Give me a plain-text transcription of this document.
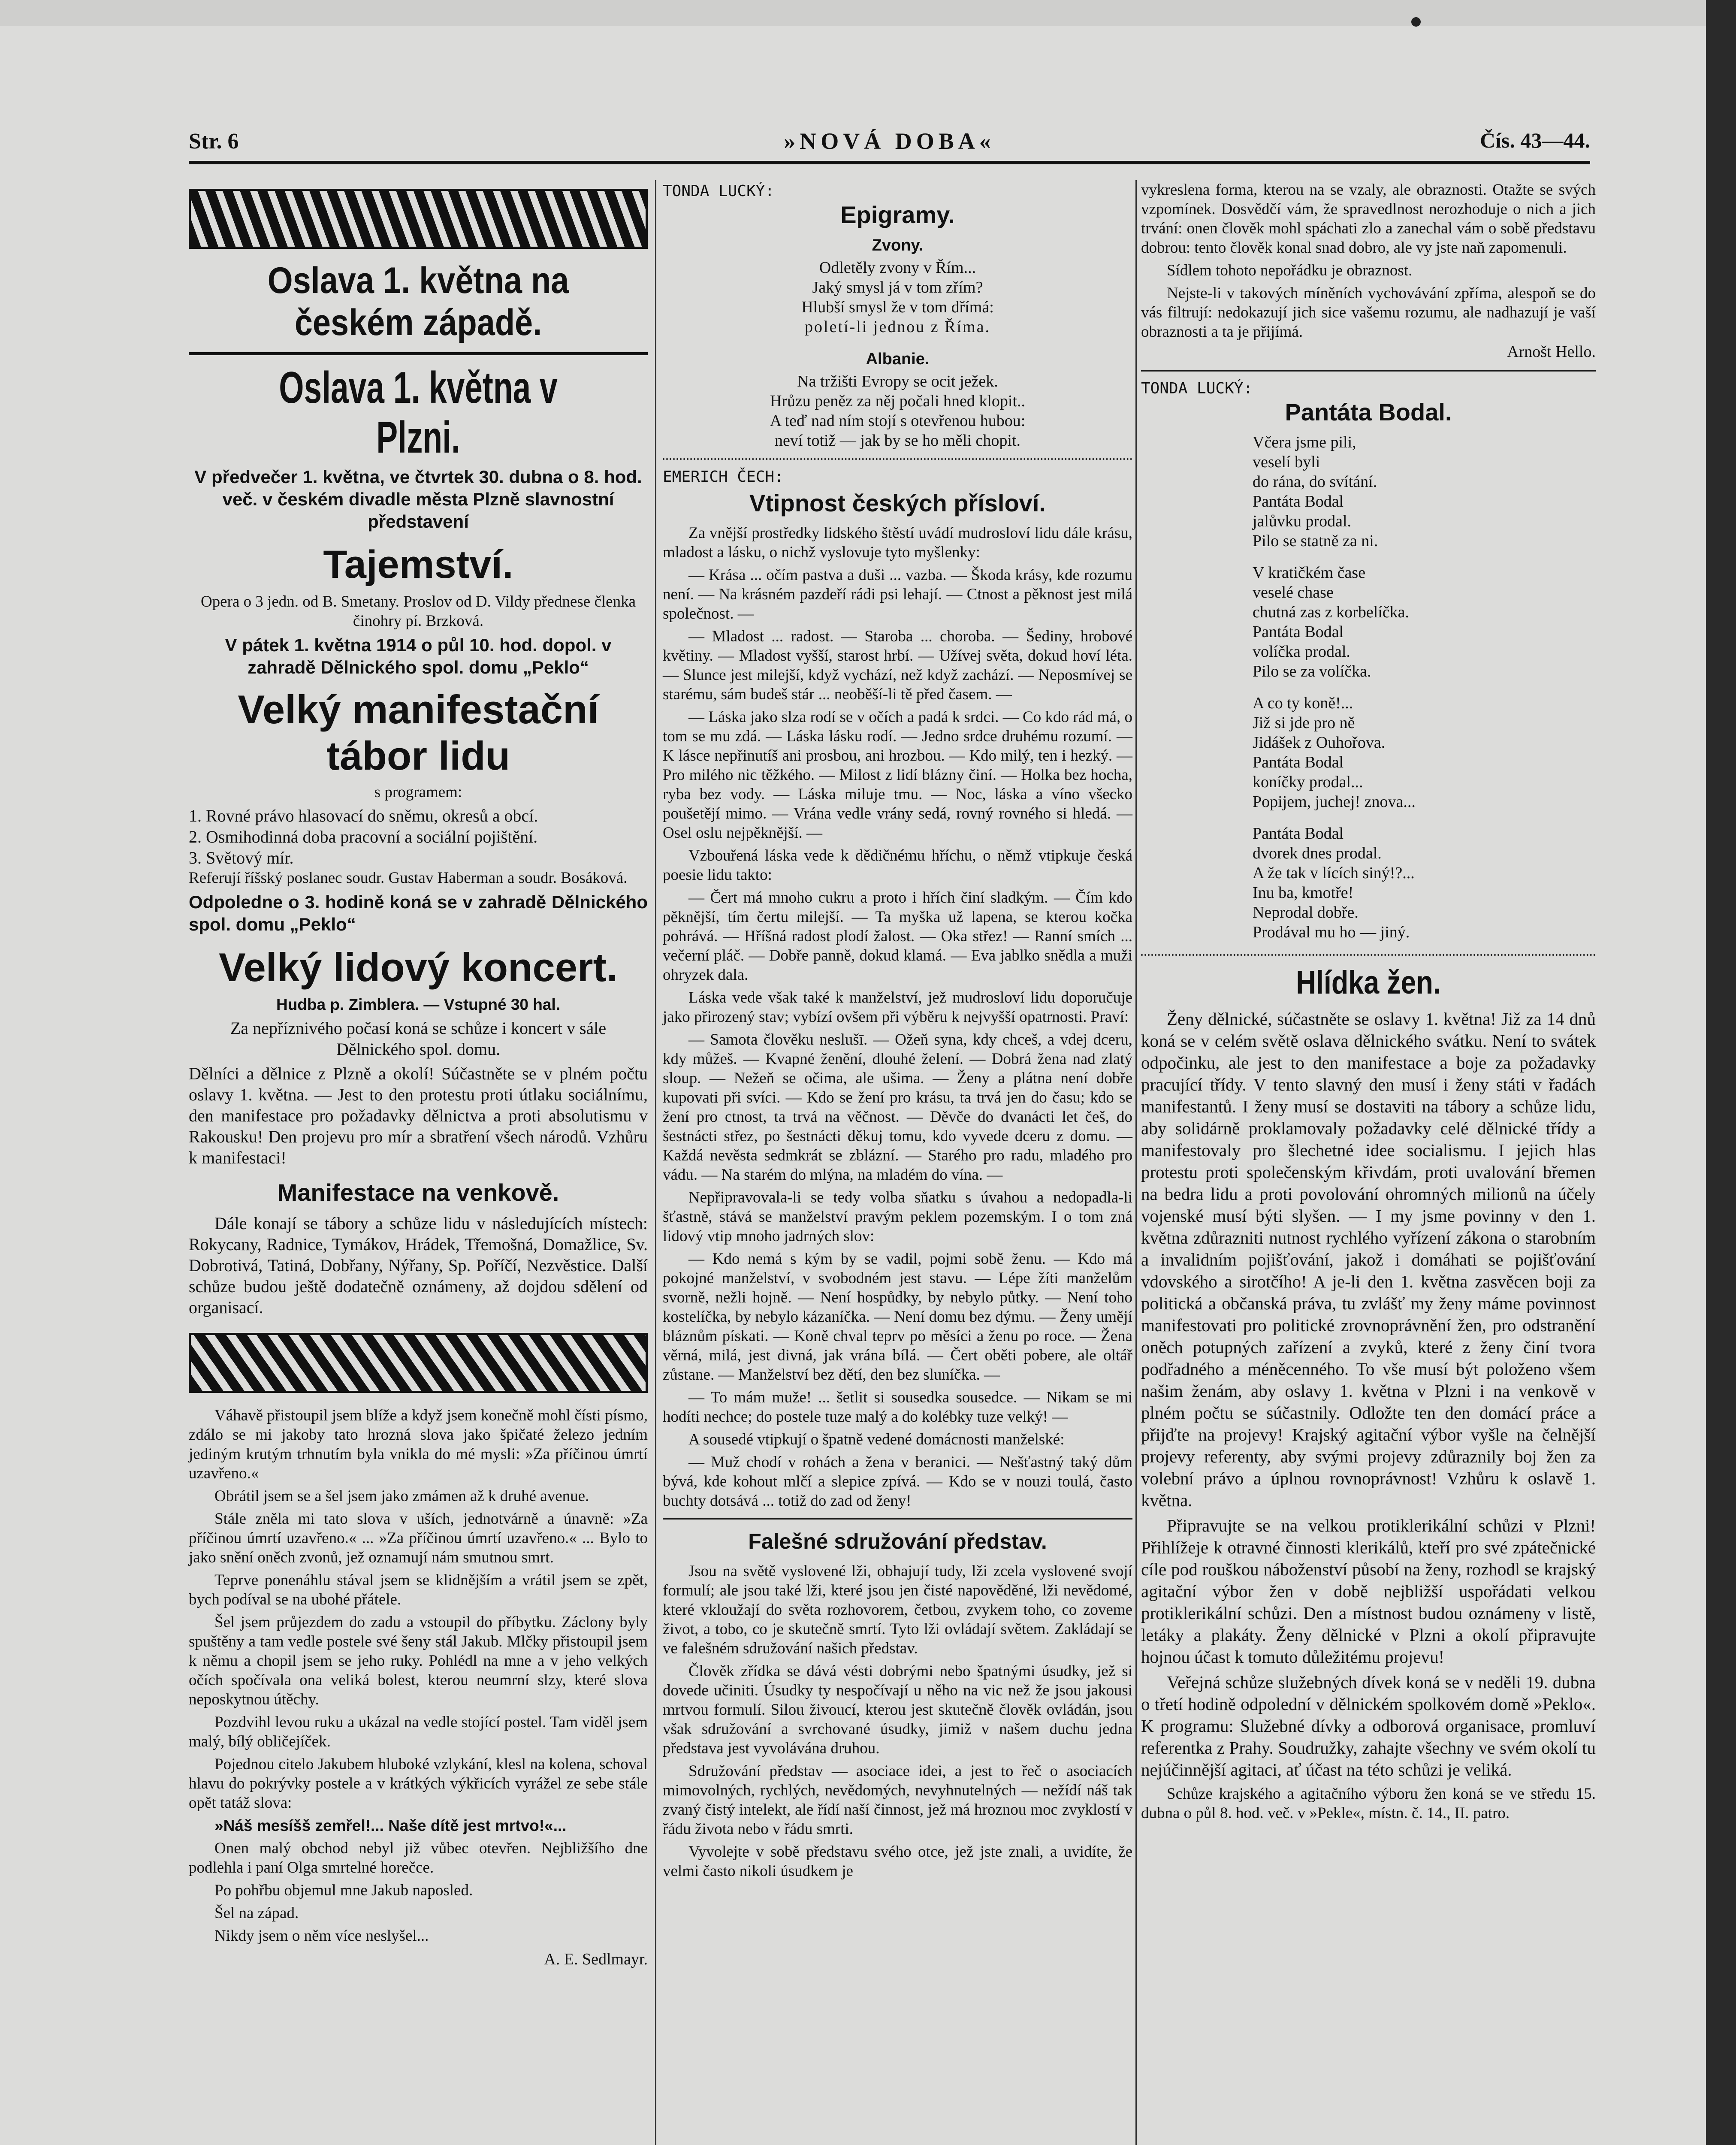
Str. 6	»NOVÁ DOBA«	Čís. 43—44.
Oslava 1. května na českém západě.
Oslava 1. května v Plzni.

V předvečer 1. května, ve čtvrtek 30. dubna o 8. hod. več. v českém divadle města Plzně slavnostní představení

Tajemství.

Opera o 3 jedn. od B. Smetany. Proslov od D. Vildy přednese členka činohry pí. Brzková.

V pátek 1. května 1914 o půl 10. hod. dopol. v zahradě Dělnického spol. domu „Peklo“

Velký manifestační tábor lidu

s programem:

1. Rovné právo hlasovací do sněmu, okresů a obcí.

2. Osmihodinná doba pracovní a sociální pojištění.

3. Světový mír.

Referují říšský poslanec soudr. Gustav Haberman a soudr. Bosáková.

Odpoledne o 3. hodině koná se v zahradě Dělnického spol. domu „Peklo“

Velký lidový koncert.

Hudba p. Zimblera. — Vstupné 30 hal.

Za nepříznivého počasí koná se schůze i koncert v sále Dělnického spol. domu.

Dělníci a dělnice z Plzně a okolí! Súčastněte se v plném počtu oslavy 1. května. — Jest to den protestu proti útlaku sociálnímu, den manifestace pro požadavky dělnictva a proti absolutismu v Rakousku! Den projevu pro mír a sbratření všech národů. Vzhůru k manifestaci!

Manifestace na venkově.

Dále konají se tábory a schůze lidu v následujících místech: Rokycany, Radnice, Tymákov, Hrádek, Třemošná, Domažlice, Sv. Dobrotivá, Tatiná, Dobřany, Nýřany, Sp. Poříčí, Nezvěstice. Další schůze budou ještě dodatečně oznámeny, až dojdou sdělení od organisací.

Váhavě přistoupil jsem blíže a když jsem konečně mohl čísti písmo, zdálo se mi jakoby tato hrozná slova jako špičaté železo jedním jediným krutým trhnutím byla vnikla do mé mysli: »Za příčinou úmrtí uzavřeno.«

Obrátil jsem se a šel jsem jako zmámen až k druhé avenue.

Stále zněla mi tato slova v uších, jednotvárně a únavně: »Za příčinou úmrtí uzavřeno.« ... »Za příčinou úmrtí uzavřeno.« ... Bylo to jako snění oněch zvonů, jež oznamují nám smutnou smrt.

Teprve ponenáhlu stával jsem se klidnějším a vrátil jsem se zpět, bych podíval se na ubohé přátele.

Šel jsem průjezdem do zadu a vstoupil do příbytku. Záclony byly spuštěny a tam vedle postele své šeny stál Jakub. Mlčky přistoupil jsem k němu a chopil jsem se jeho ruky. Pohlédl na mne a v jeho velkých očích spočívala ona veliká bolest, kterou neumrní slzy, které slova neposkytnou útěchy.

Pozdvihl levou ruku a ukázal na vedle stojící postel. Tam viděl jsem malý, bílý obličejíček.

Pojednou citelo Jakubem hluboké vzlykání, klesl na kolena, schoval hlavu do pokrývky postele a v krátkých výkřicích vyrážel ze sebe stále opět tatáž slova:

»Náš mesíšš zemřel!... Naše dítě jest mrtvo!«...

Onen malý obchod nebyl již vůbec otevřen. Nejbližšího dne podlehla i paní Olga smrtelné horečce.

Po pohřbu objemul mne Jakub naposled.

Šel na západ.

Nikdy jsem o něm více neslyšel...

A. E. Sedlmayr.
TONDA LUCKÝ:
Epigramy.
Zvony.
Odletěly zvony v Řím...
Jaký smysl já v tom zřím?
Hlubší smysl že v tom dřímá:
poletí-li jednou z Říma.
Albanie.
Na tržišti Evropy se ocit ježek.
Hrůzu peněz za něj počali hned klopit..
A teď nad ním stojí s otevřenou hubou:
neví totiž — jak by se ho měli chopit.
EMERICH ČECH:
Vtipnost českých přísloví.

Za vnější prostředky lidského štěstí uvádí mudrosloví lidu dále krásu, mladost a lásku, o nichž vyslovuje tyto myšlenky:

— Krása ... očím pastva a duši ... vazba. — Škoda krásy, kde rozumu není. — Na krásném pazdeří rádi psi lehají. — Ctnost a pěknost jest milá společnost. —

— Mladost ... radost. — Staroba ... choroba. — Šediny, hrobové květiny. — Mladost vyšší, starost hrbí. — Užívej světa, dokud hoví léta. — Slunce jest milejší, když vychází, než když zachází. — Neposmívej se starému, sám budeš stár ... neoběší-li tě před časem. —

— Láska jako slza rodí se v očích a padá k srdci. — Co kdo rád má, o tom se mu zdá. — Láska lásku rodí. — Jedno srdce druhému rozumí. — K lásce nepřinutíš ani prosbou, ani hrozbou. — Kdo milý, ten i hezký. — Pro milého nic těžkého. — Milost z lidí blázny činí. — Holka bez hocha, ryba bez vody. — Láska miluje tmu. — Noc, láska a víno všecko poušetějí mimo. — Vrána vedle vrány sedá, rovný rovného si hledá. — Osel oslu nejpěknější. —

Vzbouřená láska vede k dědičnému hříchu, o němž vtipkuje česká poesie lidu takto:

— Čert má mnoho cukru a proto i hřích činí sladkým. — Čím kdo pěknější, tím čertu milejší. — Ta myška už lapena, se kterou kočka pohrává. — Hříšná radost plodí žalost. — Oka střez! — Ranní smích ... večerní pláč. — Dobře panně, dokud klamá. — Eva jablko snědla a muži ohryzek dala.

Láska vede však také k manželství, jež mudrosloví lidu doporučuje jako přirozený stav; vybízí ovšem při výběru k nejvyšší opatrnosti. Praví:

— Samota člověku neslušī. — Ožeň syna, kdy chceš, a vdej dceru, kdy můžeš. — Kvapné ženění, dlouhé želení. — Dobrá žena nad zlatý sloup. — Nežeň se očima, ale ušima. — Ženy a plátna není dobře kupovati při svíci. — Kdo se žení pro krásu, ta trvá jen do času; kdo se žení pro ctnost, ta trvá na věčnost. — Děvče do dvanácti let češ, do šestnácti střez, po šestnácti děkuj tomu, kdo vyvede dceru z domu. — Každá nevěsta sedmkrát se zblázní. — Starého pro radu, mladého pro vádu. — Na starém do mlýna, na mladém do vína. —

Nepřipravovala-li se tedy volba sňatku s úvahou a nedopadla-li šťastně, stává se manželství pravým peklem pozemským. I o tom zná lidový vtip mnoho jadrných slov:

— Kdo nemá s kým by se vadil, pojmi sobě ženu. — Kdo má pokojné manželství, v svobodném jest stavu. — Lépe žíti manželům svorně, nežli hojně. — Není hospůdky, by nebylo půtky. — Není toho kostelíčka, by nebylo kázaníčka. — Není domu bez dýmu. — Ženy umějí bláznům pískati. — Koně chval teprv po měsíci a ženu po roce. — Žena věrná, milá, jest divná, jak vrána bílá. — Čert oběti pobere, ale oltář zůstane. — Manželství bez dětí, den bez sluníčka. —

— To mám muže! ... šetlit si sousedka sousedce. — Nikam se mi hodíti nechce; do postele tuze malý a do kolébky tuze velký! —

A sousedé vtipkují o špatně vedené domácnosti manželské:

— Muž chodí v rohách a žena v beranici. — Nešťastný taký dům bývá, kde kohout mlčí a slepice zpívá. — Kdo se v nouzi toulá, často buchty dotsává ... totiž do zad od ženy!

Falešné sdružování představ.

Jsou na světě vyslovené lži, obhajují tudy, lži zcela vyslovené svojí formulí; ale jsou také lži, které jsou jen čisté napověděné, lži nevědomé, které vkloužají do světa rozhovorem, četbou, zvykem toho, co zoveme život, a tobo, co je skutečně smrtí. Tyto lži ovládají světem. Zakládají se ve falešném sdružování našich představ.

Člověk zřídka se dává vésti dobrými nebo špatnými úsudky, jež si dovede učiniti. Úsudky ty nespočívají u něho na vic než že jsou jakousi mrtvou formulí. Silou živoucí, kterou jest skutečně člověk ovládán, jsou však sdružování a svrchované úsudky, jimiž v našem duchu jedna představa jest vyvolávána druhou.

Sdružování představ — asociace idei, a jest to řeč o asociacích mimovolných, rychlých, nevědomých, nevyhnutelných — nežídí náš tak zvaný čistý intelekt, ale řídí naší činnost, jež má hroznou moc zvyklostí v řádu života nebo v řádu smrti.

Vyvolejte v sobě představu svého otce, jež jste znali, a uvidíte, že velmi často nikoli úsudkem je

vykreslena forma, kterou na se vzaly, ale obraznosti. Otažte se svých vzpomínek. Dosvědčí vám, že spravedlnost nerozhoduje o nich a jich trvání: onen člověk mohl spáchati zlo a zanechal vám o sobě představu dobrou: tento člověk konal snad dobro, ale vy jste naň zapomenuli.

Sídlem tohoto nepořádku je obraznost.

Nejste-li v takových míněních vychovávání zpříma, alespoň se do vás filtrují: nedokazují jich sice vašemu rozumu, ale nadhazují je vaší obraznosti a ta je přijímá.

Arnošt Hello.
TONDA LUCKÝ:
Pantáta Bodal.
Včera jsme pili,
veselí byli
do rána, do svítání.
Pantáta Bodal
jalůvku prodal.
Pilo se statně za ni.
V kratičkém čase
veselé chase
chutná zas z korbelíčka.
Pantáta Bodal
volíčka prodal.
Pilo se za volíčka.
A co ty koně!...
Již si jde pro ně
Jidášek z Ouhořova.
Pantáta Bodal
koníčky prodal...
Popijem, juchej! znova...
Pantáta Bodal
dvorek dnes prodal.
A že tak v lících siný!?...
Inu ba, kmotře!
Neprodal dobře.
Prodával mu ho — jiný.
Hlídka žen.

Ženy dělnické, súčastněte se oslavy 1. května! Již za 14 dnů koná se v celém světě oslava dělnického svátku. Není to svátek odpočinku, ale jest to den manifestace a boje za požadavky pracující třídy. V tento slavný den musí i ženy státi v řadách manifestantů. I ženy musí se dostaviti na tábory a schůze lidu, aby solidárně proklamovaly požadavky celé dělnické třídy a manifestovaly pro šlechetné idee socialismu. I jejich hlas protestu proti společenským křivdám, proti uvalování břemen na bedra lidu a proti povolování ohromných milionů na účely vojenské musí býti slyšen. — I my jsme povinny v den 1. května zdůrazniti nutnost rychlého vyřízení zákona o starobním a invalidním pojišťování, jakož i domáhati se pojišťování vdovského a sirotčího! A je-li den 1. května zasvěcen boji za politická a občanská práva, tu zvlášť my ženy máme povinnost manifestovati pro politické zrovnoprávnění žen, pro odstranění oněch potupných zařízení a zvyků, které z ženy činí tvora podřadného a méněcenného. To vše musí být položeno všem našim ženám, aby oslavy 1. května v Plzni i na venkově v plném počtu se súčastnily. Odložte ten den domácí práce a přijďte na projevy! Krajský agitační výbor vyšle na čelnější projevy referenty, aby svými projevy zdůraznily boj žen za volební právo a úplnou rovnoprávnost! Vzhůru k oslavě 1. května.

Připravujte se na velkou protiklerikální schůzi v Plzni! Přihlížeje k otravné činnosti klerikálů, kteří pro své zpátečnické cíle pod rouškou náboženství působí na ženy, rozhodl se krajský agitační výbor žen v době nejbližší uspořádati velkou protiklerikální schůzi. Den a místnost budou oznámeny v listě, letáky a plakáty. Ženy dělnické v Plzni a okolí připravujte hojnou účast k tomuto důležitému projevu!

Veřejná schůze služebných dívek koná se v neděli 19. dubna o třetí hodině odpolední v dělnickém spolkovém domě »Peklo«. K programu: Služebné dívky a odborová organisace, promluví referentka z Prahy. Soudružky, zahajte všechny ve svém okolí tu nejúčinnější agitaci, ať účast na této schůzi je veliká.

Schůze krajského a agitačního výboru žen koná se ve středu 15. dubna o půl 8. hod. več. v »Pekle«, místn. č. 14., II. patro.
